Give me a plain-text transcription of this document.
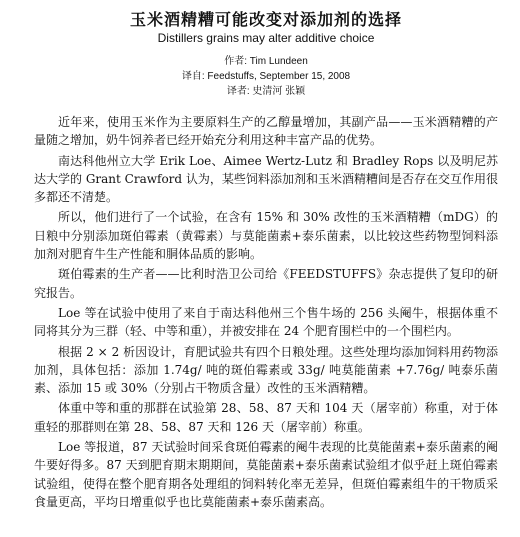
玉米酒精糟可能改变对添加剂的选择
Distillers grains may alter additive choice
作者: Tim Lundeen
译自: Feedstuffs, September 15, 2008
译者: 史清河 张颖

近年来，使用玉米作为主要原料生产的乙醇量增加，其副产品——玉米酒精糟的产量随之增加，奶牛饲养者已经开始充分利用这种丰富产品的优势。

南达科他州立大学 Erik Loe、Aimee Wertz-Lutz 和 Bradley Rops 以及明尼苏达大学的 Grant Crawford 认为，某些饲料添加剂和玉米酒精糟间是否存在交互作用很多都还不清楚。

所以，他们进行了一个试验，在含有 15% 和 30% 改性的玉米酒精糟（mDG）的日粮中分别添加斑伯霉素（黄霉素）与莫能菌素+泰乐菌素，以比较这些药物型饲料添加剂对肥育牛生产性能和胴体品质的影响。

斑伯霉素的生产者——比利时浩卫公司给《FEEDSTUFFS》杂志提供了复印的研究报告。

Loe 等在试验中使用了来自于南达科他州三个售牛场的 256 头阉牛，根据体重不同将其分为三群（轻、中等和重），并被安排在 24 个肥育围栏中的一个围栏内。

根据 2 × 2 析因设计，育肥试验共有四个日粮处理。这些处理均添加饲料用药物添加剂，具体包括：添加 1.74g/ 吨的斑伯霉素或 33g/ 吨莫能菌素 +7.76g/ 吨泰乐菌素、添加 15 或 30%（分别占干物质含量）改性的玉米酒精糟。

体重中等和重的那群在试验第 28、58、87 天和 104 天（屠宰前）称重，对于体重轻的那群则在第 28、58、87 天和 126 天（屠宰前）称重。

Loe 等报道，87 天试验时间采食斑伯霉素的阉牛表现的比莫能菌素+泰乐菌素的阉牛要好得多。87 天到肥育期末期期间，莫能菌素+泰乐菌素试验组才似乎赶上斑伯霉素试验组，使得在整个肥育期各处理组的饲料转化率无差异，但斑伯霉素组牛的干物质采食量更高，平均日增重似乎也比莫能菌素+泰乐菌素高。
